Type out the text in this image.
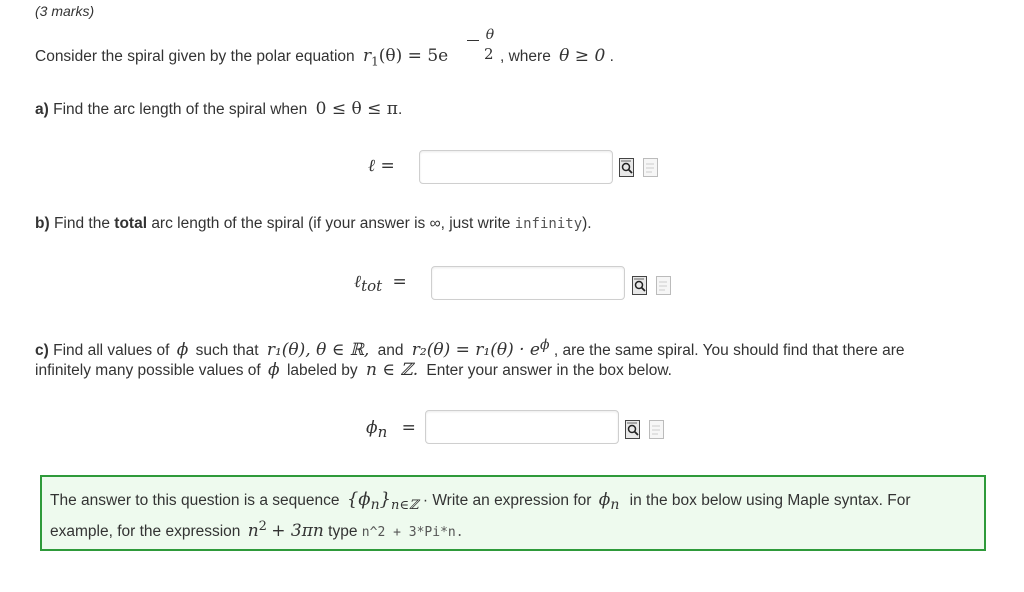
(3 marks)
Consider the spiral given by the polar equation $r_1(\theta) = 5e$
θ
2 , where θ ≥ 0 .
a) Find the arc length of the spiral when 0 ≤ θ ≤ π.
ℓ =
b) Find the total arc length of the spiral (if your answer is ∞, just write infinity).
ℓ$_{tot}$ =
c) Find all values of ϕ such that r₁(θ), θ ∈ ℝ, and $r_2(\theta) = r_1(\theta) \cdot e^\phi$ , are the same spiral. You should find that there are
infinitely many possible values of ϕ labeled by n ∈ ℤ. Enter your answer in the box below.
$\phi_n$ =
The answer to this question is a sequence $\{\phi_n\}_{n\in ℤ}$ · Write an expression for $\phi_n$ in the box below using Maple syntax. For
example, for the expression $n^2 + 3\pi n$ type n^2 + 3*Pi*n.
